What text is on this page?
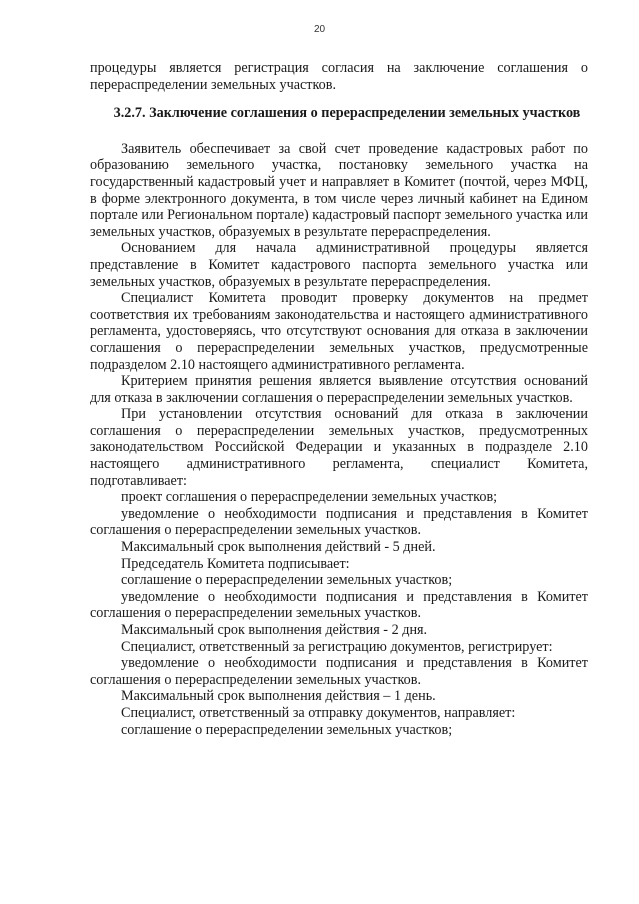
20

процедуры является регистрация согласия на заключение соглашения о перераспределении земельных участков.

3.2.7. Заключение соглашения о перераспределении земельных участков

Заявитель обеспечивает за свой счет проведение кадастровых работ по образованию земельного участка, постановку земельного участка на государственный кадастровый учет и направляет в Комитет (почтой, через МФЦ, в форме электронного документа, в том числе через личный кабинет на Едином портале или Региональном портале) кадастровый паспорт земельного участка или земельных участков, образуемых в результате перераспределения.

Основанием для начала административной процедуры является представление в Комитет кадастрового паспорта земельного участка или земельных участков, образуемых в результате перераспределения.

Специалист Комитета проводит проверку документов на предмет соответствия их требованиям законодательства и настоящего административного регламента, удостоверяясь, что отсутствуют основания для отказа в заключении соглашения о перераспределении земельных участков, предусмотренные подразделом 2.10 настоящего административного регламента.

Критерием принятия решения является выявление отсутствия оснований для отказа в заключении соглашения о перераспределении земельных участков.

При установлении отсутствия оснований для отказа в заключении соглашения о перераспределении земельных участков, предусмотренных законодательством Российской Федерации и указанных в подразделе 2.10 настоящего административного регламента, специалист Комитета, подготавливает:

проект соглашения о перераспределении земельных участков;

уведомление о необходимости подписания и представления в Комитет соглашения о перераспределении земельных участков.

Максимальный срок выполнения действий - 5 дней.

Председатель Комитета подписывает:

соглашение о перераспределении земельных участков;

уведомление о необходимости подписания и представления в Комитет соглашения о перераспределении земельных участков.

Максимальный срок выполнения действия - 2 дня.

Специалист, ответственный за регистрацию документов, регистрирует:

уведомление о необходимости подписания и представления в Комитет соглашения о перераспределении земельных участков.

Максимальный срок выполнения действия – 1 день.

Специалист, ответственный за отправку документов, направляет:

соглашение о перераспределении земельных участков;
